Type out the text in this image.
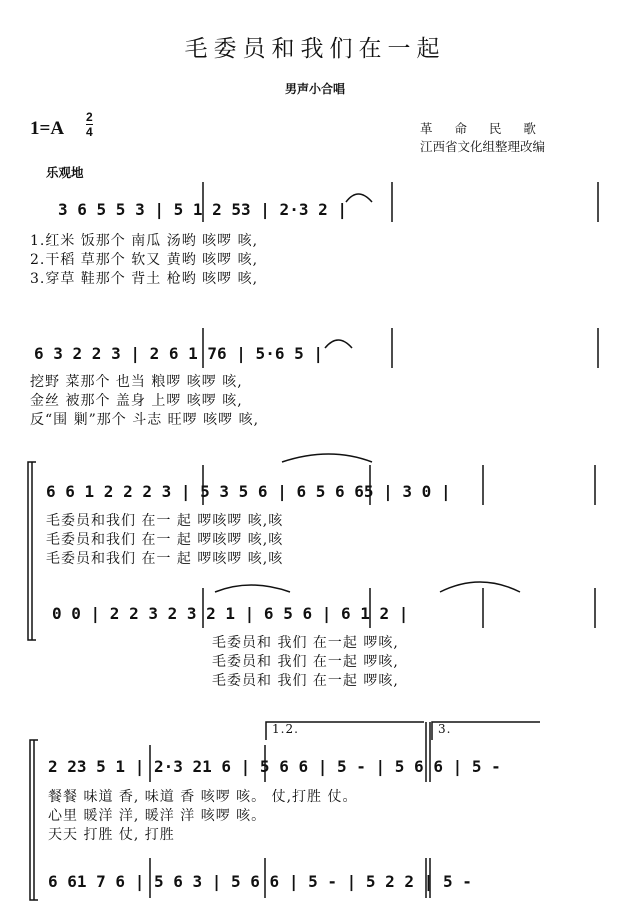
毛委员和我们在一起
男声小合唱
1=A
2
4	革 命 民 歌
江西省文化组整理改编
乐观地
3 6 5 5 3 | 5 1 2 53 | 2·3 2 |
1.红米 饭那个 南瓜 汤哟 咳啰 咳,
2.干稻 草那个 软又 黄哟 咳啰 咳,
3.穿草 鞋那个 背土 枪哟 咳啰 咳,
6 3 2 2 3 | 2 6 1 76 | 5·6 5 |
挖野 菜那个 也当 粮啰 咳啰 咳,
金丝 被那个 盖身 上啰 咳啰 咳,
反“围 剿”那个 斗志 旺啰 咳啰 咳,
6 6 1 2 2 2 3 | 5 3 5 6 | 6 5 6 65 | 3 0 |
毛委员和我们 在一 起 啰咳啰 咳,咳
毛委员和我们 在一 起 啰咳啰 咳,咳
毛委员和我们 在一 起 啰咳啰 咳,咳
0 0 | 2 2 3 2 3 2 1 | 6 5 6 | 6 1 2 |
毛委员和 我们 在一起 啰咳,
毛委员和 我们 在一起 啰咳,
毛委员和 我们 在一起 啰咳,
1.2.	3.
2 23 5 1 | 2·3 21 6 | 5 6 6 | 5 - | 5 6 6 | 5 -
餐餐 味道 香, 味道 香 咳啰 咳。 仗,打胜 仗。
心里 暖洋 洋, 暖洋 洋 咳啰 咳。
天天 打胜 仗, 打胜
6 61 7 6 | 5 6 3 | 5 6 6 | 5 - | 5 2 2 | 5 -
